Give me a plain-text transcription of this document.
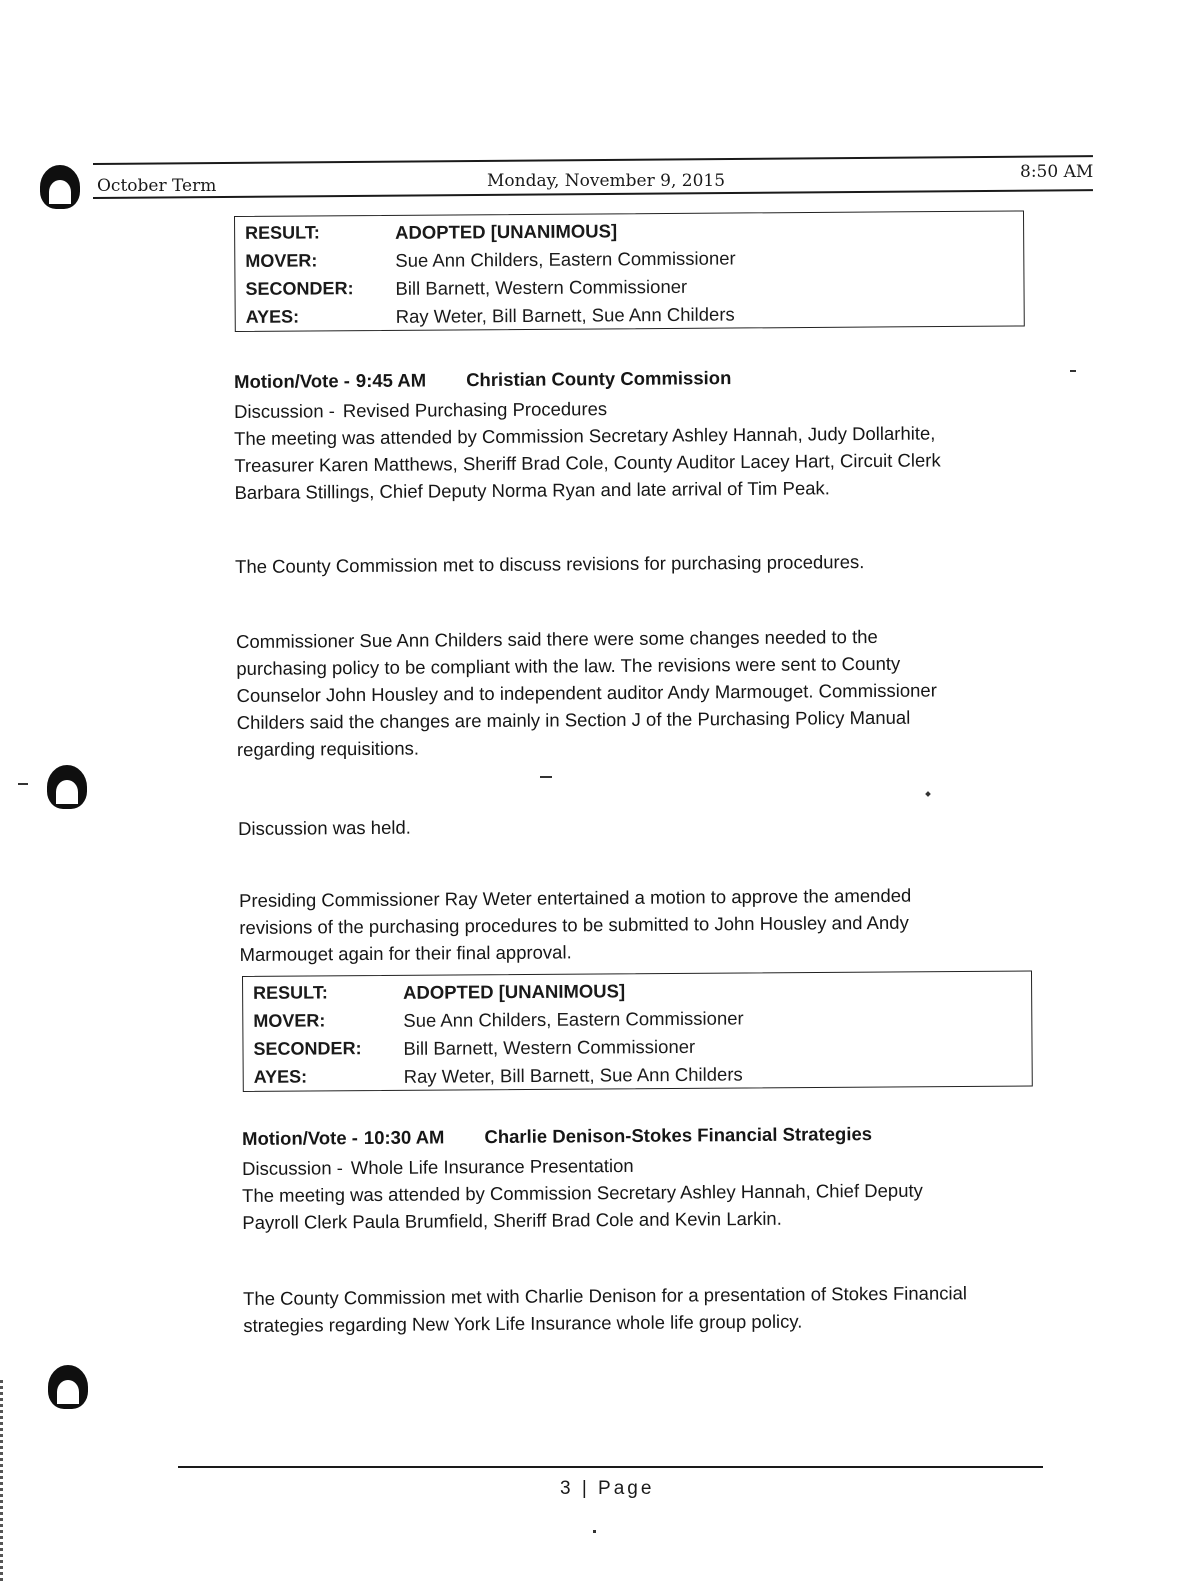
October Term	Monday, November 9, 2015	8:50 AM
RESULT:	ADOPTED [UNANIMOUS]
MOVER:	Sue Ann Childers, Eastern Commissioner
SECONDER: Bill Barnett, Western Commissioner
AYES:	Ray Weter, Bill Barnett, Sue Ann Childers
Motion/Vote - 9:45 AM Christian County Commission
Discussion - Revised Purchasing Procedures
The meeting was attended by Commission Secretary Ashley Hannah, Judy Dollarhite,
Treasurer Karen Matthews, Sheriff Brad Cole, County Auditor Lacey Hart, Circuit Clerk
Barbara Stillings, Chief Deputy Norma Ryan and late arrival of Tim Peak.
The County Commission met to discuss revisions for purchasing procedures.
Commissioner Sue Ann Childers said there were some changes needed to the
purchasing policy to be compliant with the law. The revisions were sent to County
Counselor John Housley and to independent auditor Andy Marmouget. Commissioner
Childers said the changes are mainly in Section J of the Purchasing Policy Manual
regarding requisitions.
Discussion was held.
Presiding Commissioner Ray Weter entertained a motion to approve the amended
revisions of the purchasing procedures to be submitted to John Housley and Andy
Marmouget again for their final approval.
RESULT:	ADOPTED [UNANIMOUS]
MOVER:	Sue Ann Childers, Eastern Commissioner
SECONDER: Bill Barnett, Western Commissioner
AYES:	Ray Weter, Bill Barnett, Sue Ann Childers
Motion/Vote - 10:30 AM Charlie Denison-Stokes Financial Strategies
Discussion - Whole Life Insurance Presentation
The meeting was attended by Commission Secretary Ashley Hannah, Chief Deputy
Payroll Clerk Paula Brumfield, Sheriff Brad Cole and Kevin Larkin.
The County Commission met with Charlie Denison for a presentation of Stokes Financial
strategies regarding New York Life Insurance whole life group policy.
3 | Page
